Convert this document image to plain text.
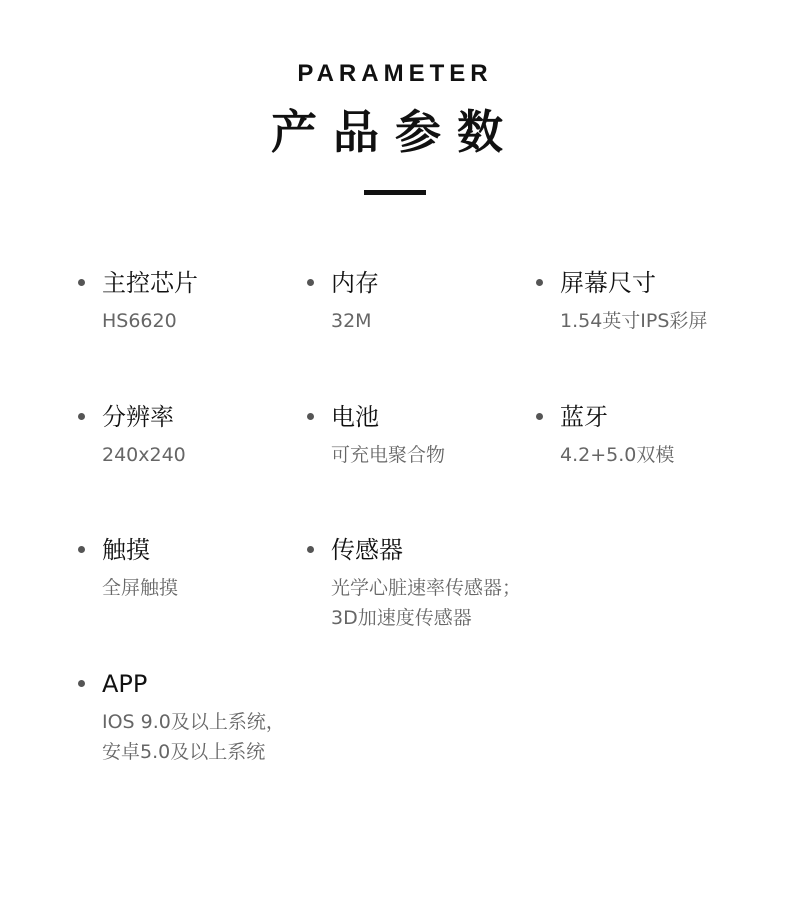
PARAMETER
产品参数
主控芯片
HS6620
内存
32M
屏幕尺寸
1.54英寸IPS彩屏
分辨率
240x240
电池
可充电聚合物
蓝牙
4.2+5.0双模
触摸
全屏触摸
传感器
光学心脏速率传感器；
3D加速度传感器
APP
IOS 9.0及以上系统，
安卓5.0及以上系统
